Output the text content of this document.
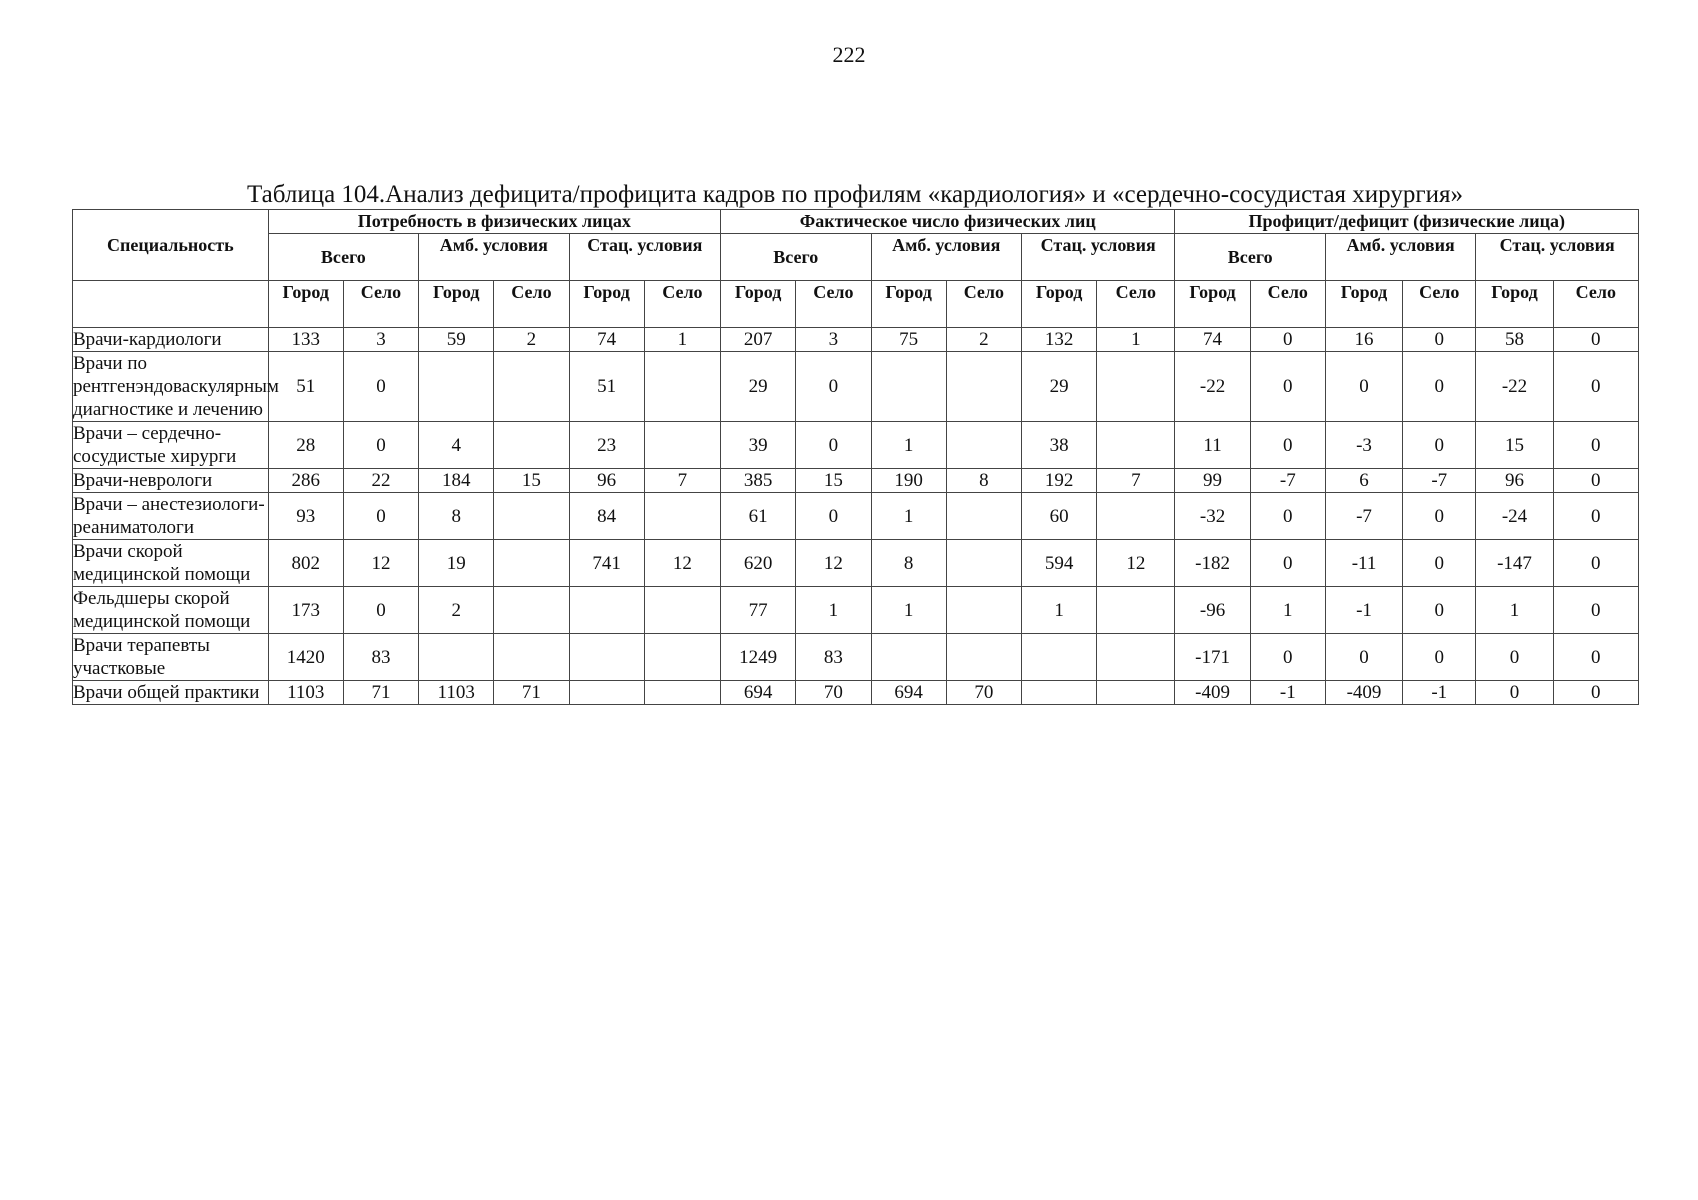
222
Таблица 104.Анализ дефицита/профицита кадров по профилям «кардиология» и «сердечно-сосудистая хирургия»
Специальность	Потребность в физических лицах						Фактическое число физических лиц						Профицит/дефицит (физические лица)					
	Всего		Амб. условия		Стац. условия		Всего		Амб. условия		Стац. условия		Всего		Амб. условия		Стац. условия	
	Город	Село	Город	Село	Город	Село	Город	Село	Город	Село	Город	Село	Город	Село	Город	Село	Город	Село
Врачи-кардиологи	133	3	59	2	74	1	207	3	75	2	132	1	74	0	16	0	58	0
Врачи по рентгенэндоваскулярным диагностике и лечению	51	0			51		29	0			29		-22	0	0	0	-22	0
Врачи – сердечно-сосудистые хирурги	28	0	4		23		39	0	1		38		11	0	-3	0	15	0
Врачи-неврологи	286	22	184	15	96	7	385	15	190	8	192	7	99	-7	6	-7	96	0
Врачи – анестезиологи-реаниматологи	93	0	8		84		61	0	1		60		-32	0	-7	0	-24	0
Врачи скорой медицинской помощи	802	12	19		741	12	620	12	8		594	12	-182	0	-11	0	-147	0
Фельдшеры скорой медицинской помощи	173	0	2				77	1	1		1		-96	1	-1	0	1	0
Врачи терапевты участковые	1420	83					1249	83					-171	0	0	0	0	0
Врачи общей практики	1103	71	1103	71			694	70	694	70			-409	-1	-409	-1	0	0
